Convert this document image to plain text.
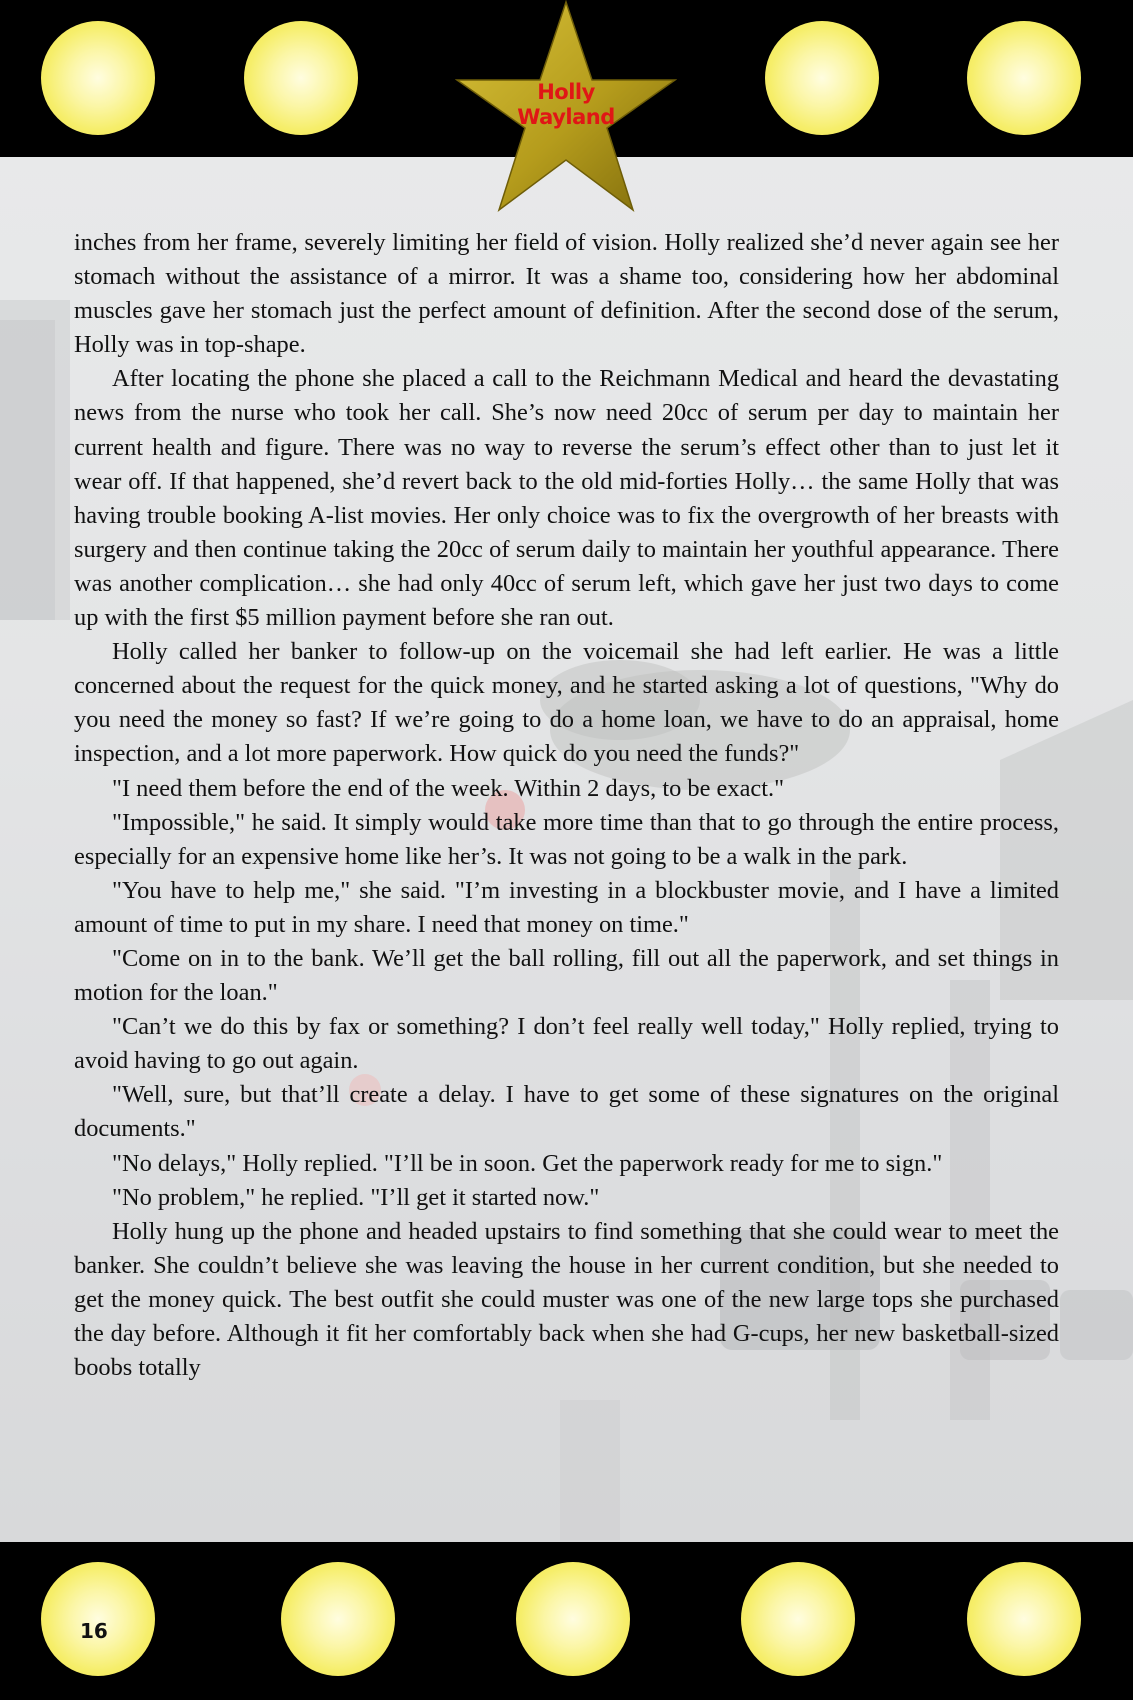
Holly
Wayland

inches from her frame, severely limiting her field of vision. Holly realized she’d never again see her stomach without the assistance of a mirror. It was a shame too, considering how her abdominal muscles gave her stomach just the perfect amount of definition. After the second dose of the serum, Holly was in top-shape.

After locating the phone she placed a call to the Reichmann Medical and heard the devastating news from the nurse who took her call. She’s now need 20cc of serum per day to maintain her current health and figure. There was no way to reverse the serum’s effect other than to just let it wear off. If that happened, she’d revert back to the old mid-forties Holly… the same Holly that was having trouble booking A-list movies. Her only choice was to fix the overgrowth of her breasts with surgery and then continue taking the 20cc of serum daily to maintain her youthful appearance. There was another complication… she had only 40cc of serum left, which gave her just two days to come up with the first $5 million payment before she ran out.

Holly called her banker to follow-up on the voicemail she had left earlier. He was a little concerned about the request for the quick money, and he started asking a lot of questions, "Why do you need the money so fast? If we’re going to do a home loan, we have to do an appraisal, home inspection, and a lot more paperwork. How quick do you need the funds?"

"I need them before the end of the week. Within 2 days, to be exact."

"Impossible," he said. It simply would take more time than that to go through the entire process, especially for an expensive home like her’s. It was not going to be a walk in the park.

"You have to help me," she said. "I’m investing in a blockbuster movie, and I have a limited amount of time to put in my share. I need that money on time."

"Come on in to the bank. We’ll get the ball rolling, fill out all the paperwork, and set things in motion for the loan."

"Can’t we do this by fax or something? I don’t feel really well today," Holly replied, trying to avoid having to go out again.

"Well, sure, but that’ll create a delay. I have to get some of these signatures on the original documents."

"No delays," Holly replied. "I’ll be in soon. Get the paperwork ready for me to sign."

"No problem," he replied. "I’ll get it started now."

Holly hung up the phone and headed upstairs to find something that she could wear to meet the banker. She couldn’t believe she was leaving the house in her current condition, but she needed to get the money quick. The best outfit she could muster was one of the new large tops she purchased the day before. Although it fit her comfortably back when she had G-cups, her new basketball-sized boobs totally

16
